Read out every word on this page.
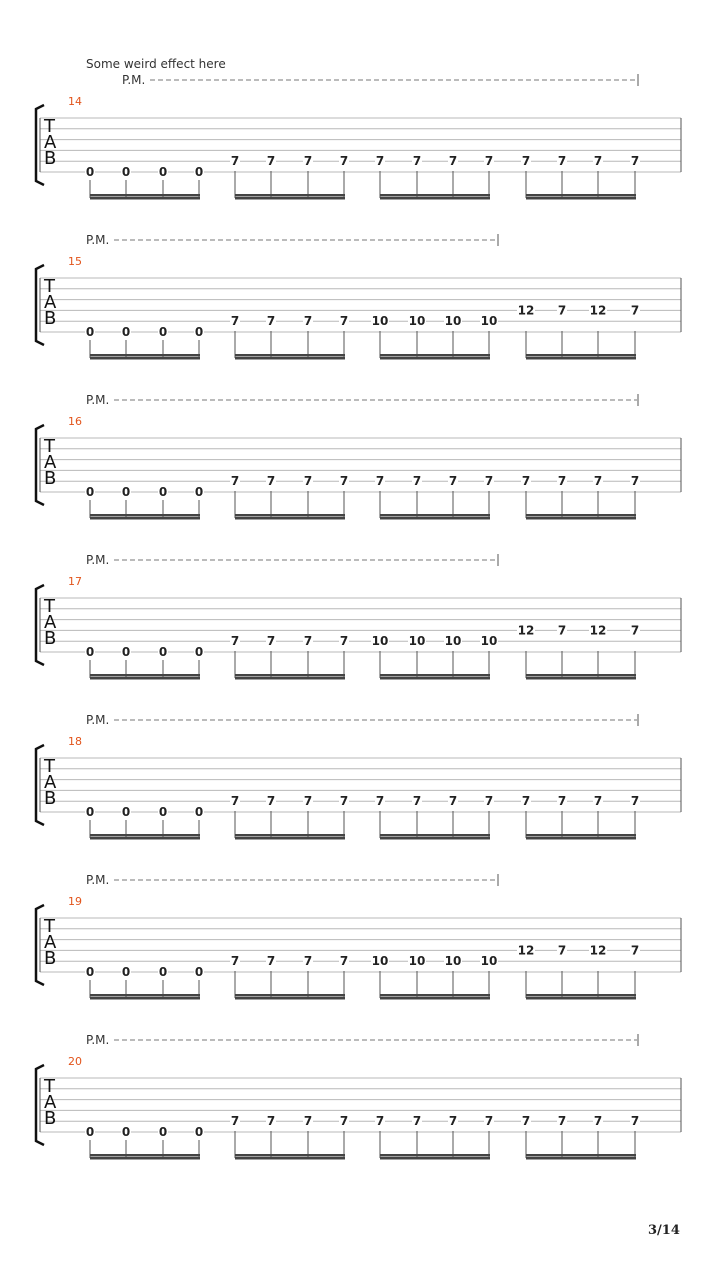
Some weird effect here
T
A
B
14
P.M.
0 0 0 0
7 7 7 7 7 7 7 7 7 7 7 7
T
A
B
15
P.M.
0 0 0 0
7 7 7 7 10 10 10 10
12 7 12 7
T
A
B
16
P.M.
0 0 0 0
7 7 7 7 7 7 7 7 7 7 7 7
T
A
B
17
P.M.
0 0 0 0
7 7 7 7 10 10 10 10
12 7 12 7
T
A
B
18
P.M.
0 0 0 0
7 7 7 7 7 7 7 7 7 7 7 7
T
A
B
19
P.M.
0 0 0 0
7 7 7 7 10 10 10 10
12 7 12 7
T
A
B
20
P.M.
0 0 0 0
7 7 7 7 7 7 7 7 7 7 7 7
3/14
